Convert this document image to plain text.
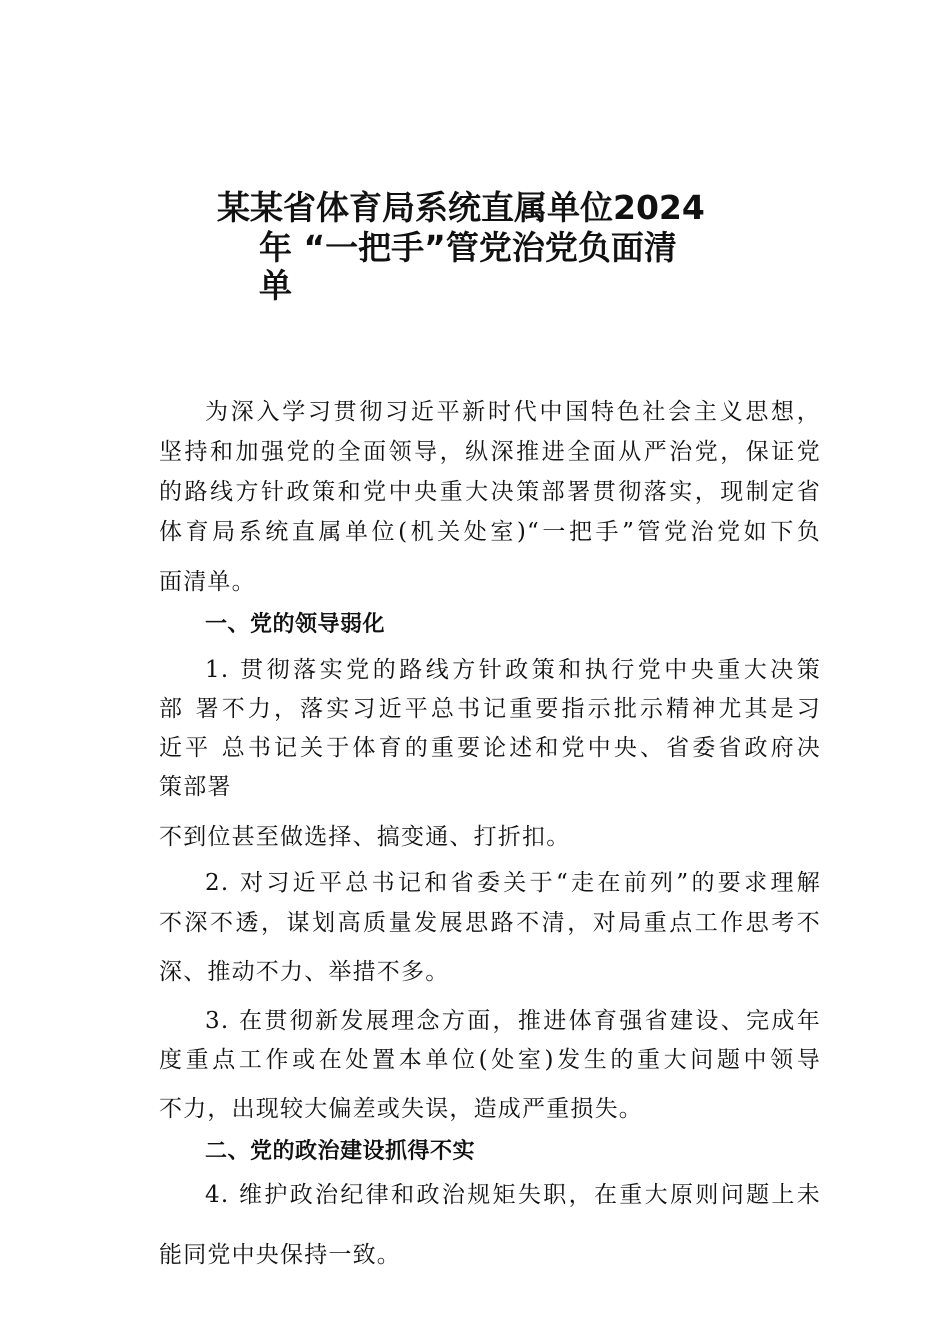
某某省体育局系统直属单位2024
年 “一把手”管党治党负面清
单
为深入学习贯彻习近平新时代中国特色社会主义思想，
坚持和加强党的全面领导，纵深推进全面从严治党，保证党
的路线方针政策和党中央重大决策部署贯彻落实，现制定省
体育局系统直属单位(机关处室)“一把手”管党治党如下负
面清单。
一、党的领导弱化
1. 贯彻落实党的路线方针政策和执行党中央重大决策
部 署不力，落实习近平总书记重要指示批示精神尤其是习
近平 总书记关于体育的重要论述和党中央、省委省政府决
策部署
不到位甚至做选择、搞变通、打折扣。
2. 对习近平总书记和省委关于“走在前列”的要求理解
不深不透，谋划高质量发展思路不清，对局重点工作思考不
深、推动不力、举措不多。
3. 在贯彻新发展理念方面，推进体育强省建设、完成年
度重点工作或在处置本单位(处室)发生的重大问题中领导
不力，出现较大偏差或失误，造成严重损失。
二、党的政治建设抓得不实
4. 维护政治纪律和政治规矩失职，在重大原则问题上未
能同党中央保持一致。
